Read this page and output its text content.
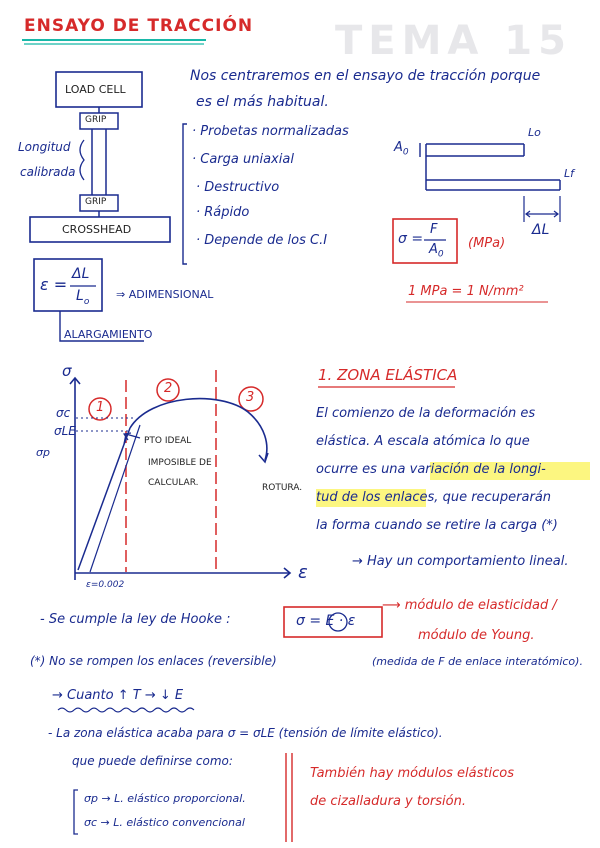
TEMA 15
ENSAYO DE TRACCIÓN
Nos centraremos en el ensayo de tracción porque
es el más habitual.
LOAD CELL
GRIP
GRIP
CROSSHEAD
Longitud
calibrada
· Probetas normalizadas
· Carga uniaxial
· Destructivo
· Rápido
· Depende de los C.I
$A_0$
Lo
Lf
ΔL
σ =
F
$A_0$
(MPa)
1 MPa = 1 N/mm²
ε =
ΔL
$L_o$
⇒ ADIMENSIONAL
ALARGAMIENTO
σ
ε
σc
σLE
σp
1
2
3
PTO IDEAL
IMPOSIBLE DE
CALCULAR.	ROTURA.
ε=0.002
1. ZONA ELÁSTICA
El comienzo de la deformación es
elástica. A escala atómica lo que
ocurre es una variación de la longi-
tud de los enlaces, que recuperarán
la forma cuando se retire la carga (*)
→ Hay un comportamiento lineal.
- Se cumple la ley de Hooke :	σ = E · ε
⟶ módulo de elasticidad /
módulo de Young.
(medida de F de enlace interatómico).
(*) No se rompen los enlaces (reversible)
→ Cuanto ↑ T → ↓ E
- La zona elástica acaba para σ = σLE (tensión de límite elástico).
que puede definirse como:
σp → L. elástico proporcional.
σc → L. elástico convencional
También hay módulos elásticos
de cizalladura y torsión.
